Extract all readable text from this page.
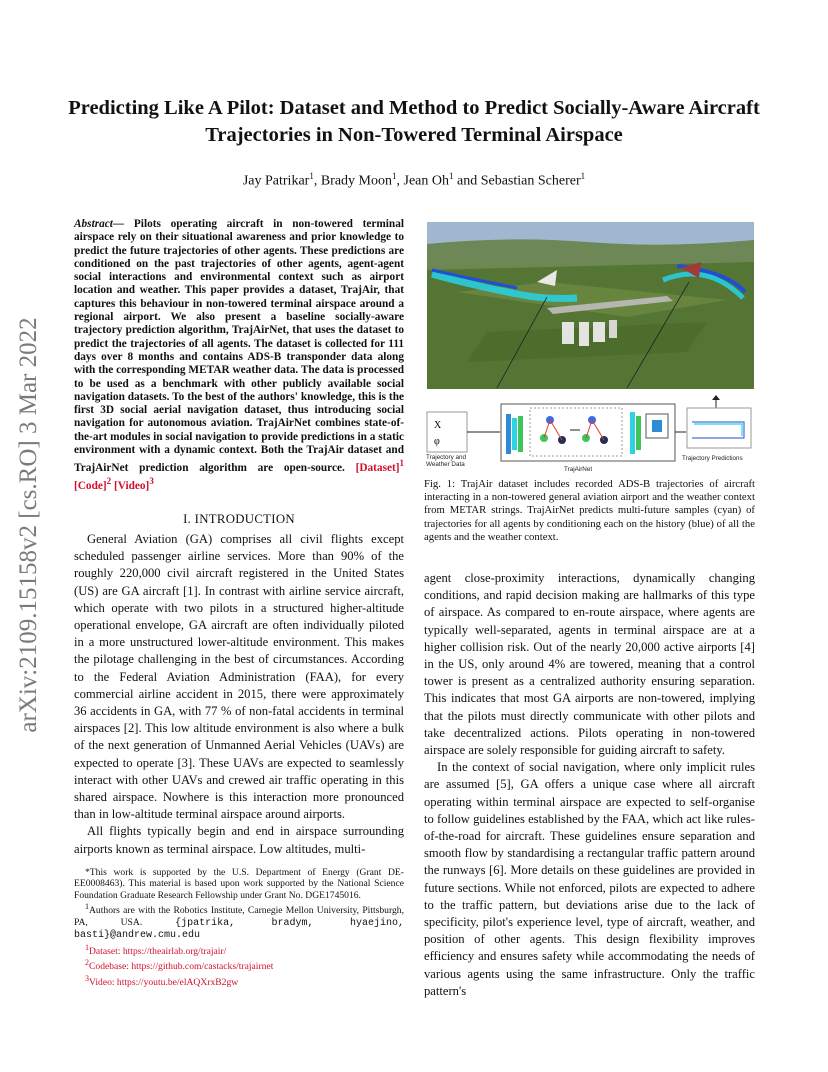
Predicting Like A Pilot: Dataset and Method to Predict Socially-Aware Aircraft Trajectories in Non-Towered Terminal Airspace
Jay Patrikar$^1$, Brady Moon$^1$, Jean Oh$^1$ and Sebastian Scherer$^1$
arXiv:2109.15158v2 [cs.RO] 3 Mar 2022
Abstract— Pilots operating aircraft in non-towered terminal airspace rely on their situational awareness and prior knowledge to predict the future trajectories of other agents. These predictions are conditioned on the past trajectories of other agents, agent-agent social interactions and environmental context such as airport location and weather. This paper provides a dataset, TrajAir, that captures this behaviour in non-towered terminal airspace around a regional airport. We also present a baseline socially-aware trajectory prediction algorithm, TrajAirNet, that uses the dataset to predict the trajectories of all agents. The dataset is collected for 111 days over 8 months and contains ADS-B transponder data along with the corresponding METAR weather data. The data is processed to be used as a benchmark with other publicly available social navigation datasets. To the best of the authors' knowledge, this is the first 3D social aerial navigation dataset, thus introducing social navigation for autonomous aviation. TrajAirNet combines state-of-the-art modules in social navigation to provide predictions in a static environment with a dynamic context. Both the TrajAir dataset and TrajAirNet prediction algorithm are open-source. [Dataset]$^1$ [Code]$^2$ [Video]$^3$
I. INTRODUCTION

General Aviation (GA) comprises all civil flights except scheduled passenger airline services. More than 90% of the roughly 220,000 civil aircraft registered in the United States (US) are GA aircraft [1]. In contrast with airline service aircraft, which operate with two pilots in a structured higher-altitude operational envelope, GA aircraft are often individually piloted in a more unstructured lower-altitude environment. This makes the pilotage challenging in the best of circumstances. According to the Federal Aviation Administration (FAA), for every commercial airline accident in 2015, there were approximately 36 accidents in GA, with 77 % of non-fatal accidents in terminal airspaces [2]. This low altitude environment is also where a bulk of the next generation of Unmanned Aerial Vehicles (UAVs) are expected to operate [3]. These UAVs are expected to seamlessly interact with other UAVs and crewed air traffic operating in this shared airspace. Nowhere is this interaction more pronounced than in low-altitude terminal airspace around airports.

All flights typically begin and end in airspace surrounding airports known as terminal airspace. Low altitudes, multi-

*This work is supported by the U.S. Department of Energy (Grant DE-EE0008463). This material is based upon work supported by the National Science Foundation Graduate Research Fellowship under Grant No. DGE1745016.

$^1$Authors are with the Robotics Institute, Carnegie Mellon University, Pittsburgh, PA, USA.	{jpatrika, bradym, hyaejino, basti}@andrew.cmu.edu

$^1$Dataset: https://theairlab.org/trajair/

$^2$Codebase: https://github.com/castacks/trajairnet

$^3$Video: https://youtu.be/elAQXrxB2gw

X
φ
Trajectory and
Weather Data
TrajAirNet
Trajectory Predictions
Fig. 1: TrajAir dataset includes recorded ADS-B trajectories of aircraft interacting in a non-towered general aviation airport and the weather context from METAR strings. TrajAirNet predicts multi-future samples (cyan) of trajectories for all agents by conditioning each on the history (blue) of all the agents and the weather context.

agent close-proximity interactions, dynamically changing conditions, and rapid decision making are hallmarks of this type of airspace. As compared to en-route airspace, where agents are typically well-separated, agents in terminal airspace are at a higher collision risk. Out of the nearly 20,000 active airports [4] in the US, only around 4% are towered, meaning that a control tower is present as a centralized authority ensuring separation. This indicates that most GA airports are non-towered, implying that the pilots must directly communicate with other pilots and take decentralized actions. Pilots operating in non-towered airspace are solely responsible for guiding aircraft to safety.

In the context of social navigation, where only implicit rules are assumed [5], GA offers a unique case where all aircraft operating within terminal airspace are expected to self-organise to follow guidelines established by the FAA, which act like rules-of-the-road for aircraft. These guidelines ensure separation and smooth flow by standardising a rectangular traffic pattern around the runways [6]. More details on these guidelines are provided in future sections. While not enforced, pilots are expected to adhere to the traffic pattern, but deviations arise due to the lack of specificity, pilot's experience level, type of aircraft, weather, and position of other agents. This design flexibility improves efficiency and ensures safety while accommodating the needs of various agents using the same infrastructure. Only the traffic pattern's
